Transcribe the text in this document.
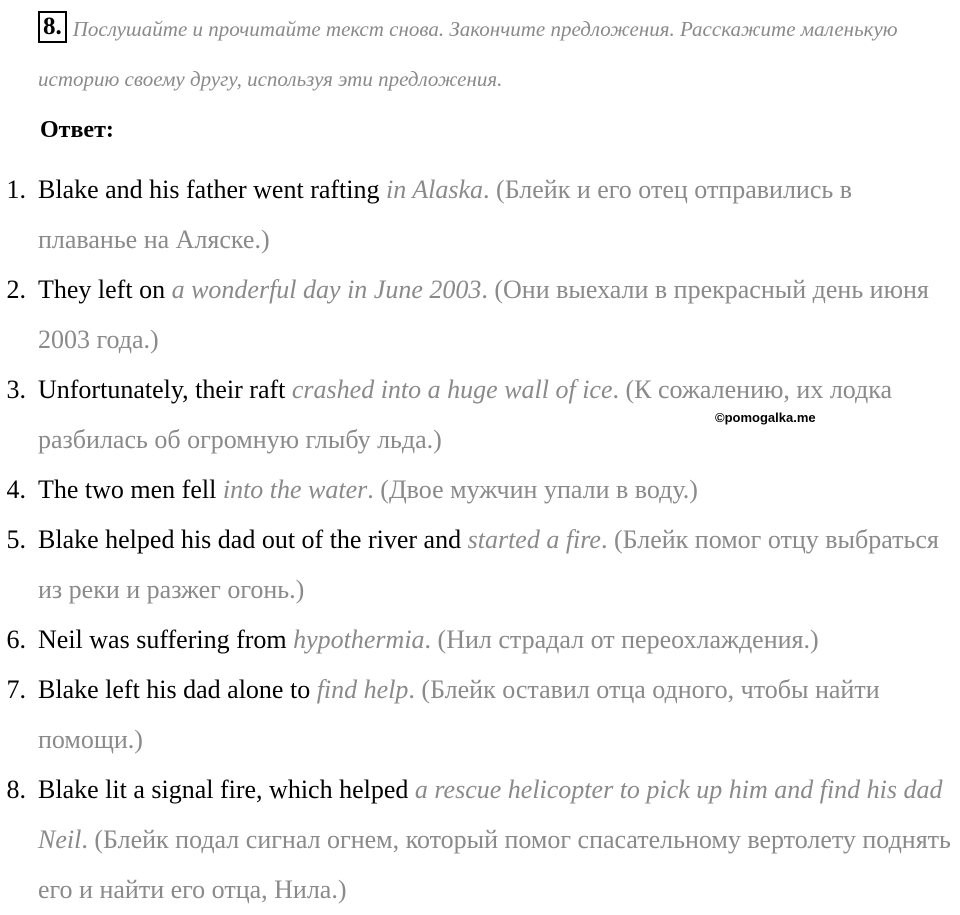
8. Послушайте и прочитайте текст снова. Закончите предложения. Расскажите маленькую историю своему другу, используя эти предложения.
Ответ:
1. Blake and his father went rafting in Alaska. (Блейк и его отец отправились в плаванье на Аляске.)
2. They left on a wonderful day in June 2003. (Они выехали в прекрасный день июня 2003 года.)
3. Unfortunately, their raft crashed into a huge wall of ice. (К сожалению, их лодка разбилась об огромную глыбу льда.)
4. The two men fell into the water. (Двое мужчин упали в воду.)
5. Blake helped his dad out of the river and started a fire. (Блейк помог отцу выбраться из реки и разжег огонь.)
6. Neil was suffering from hypothermia. (Нил страдал от переохлаждения.)
7. Blake left his dad alone to find help. (Блейк оставил отца одного, чтобы найти помощи.)
8. Blake lit a signal fire, which helped a rescue helicopter to pick up him and find his dad Neil. (Блейк подал сигнал огнем, который помог спасательному вертолету поднять его и найти его отца, Нила.)
©pomogalka.me
